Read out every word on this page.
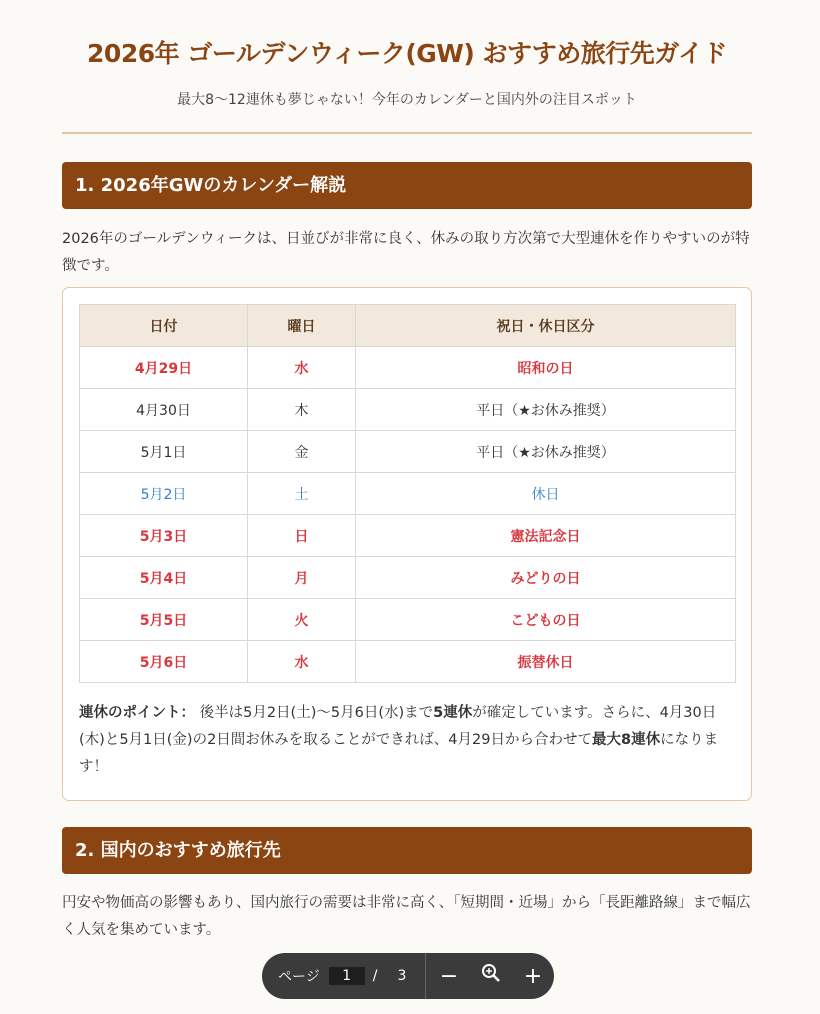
2026年 ゴールデンウィーク(GW) おすすめ旅行先ガイド
最大8〜12連休も夢じゃない！今年のカレンダーと国内外の注目スポット
1. 2026年GWのカレンダー解説
2026年のゴールデンウィークは、日並びが非常に良く、休みの取り方次第で大型連休を作りやすいのが特徴です。
日付	曜日	祝日・休日区分
4月29日	水	昭和の日
4月30日	木	平日（★お休み推奨）
5月1日	金	平日（★お休み推奨）
5月2日	土	休日
5月3日	日	憲法記念日
5月4日	月	みどりの日
5月5日	火	こどもの日
5月6日	水	振替休日
連休のポイント： 後半は5月2日(土)〜5月6日(水)まで5連休が確定しています。さらに、4月30日(木)と5月1日(金)の2日間お休みを取ることができれば、4月29日から合わせて最大8連休になります！
2. 国内のおすすめ旅行先
円安や物価高の影響もあり、国内旅行の需要は非常に高く、「短期間・近場」から「長距離路線」まで幅広く人気を集めています。
ページ	1	/ 3	−	+
